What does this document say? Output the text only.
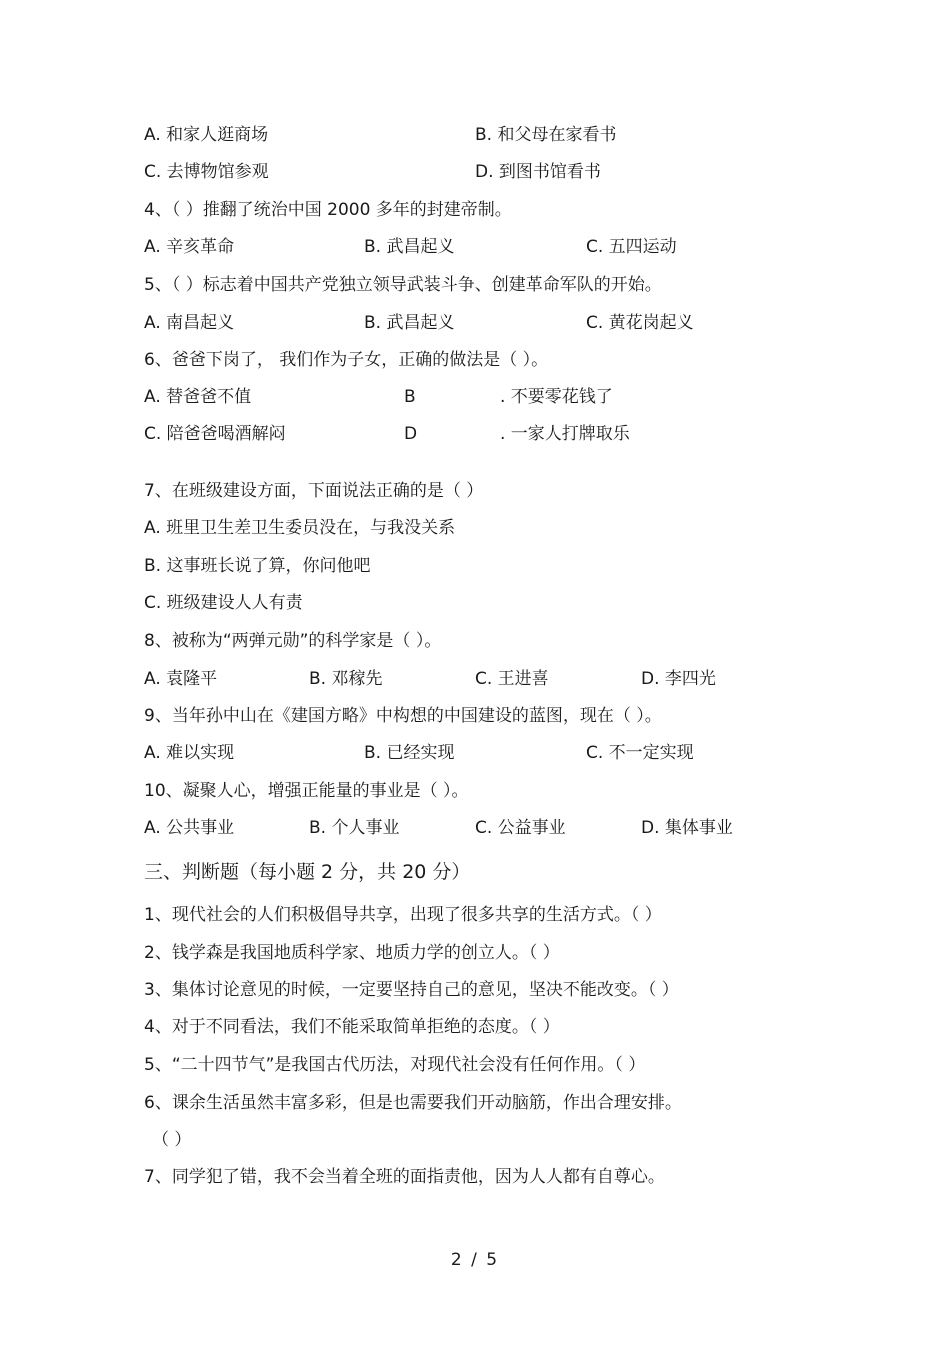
A. 和家人逛商场	B. 和父母在家看书
C. 去博物馆参观	D. 到图书馆看书
4、（ ）推翻了统治中国 2000 多年的封建帝制。
A. 辛亥革命	B. 武昌起义	C. 五四运动
5、（ ）标志着中国共产党独立领导武装斗争、创建革命军队的开始。
A. 南昌起义	B. 武昌起义	C. 黄花岗起义
6、爸爸下岗了， 我们作为子女，正确的做法是（ ）。
A. 替爸爸不值	B	. 不要零花钱了
C. 陪爸爸喝酒解闷	D	. 一家人打牌取乐
7、在班级建设方面，下面说法正确的是（ ）
A. 班里卫生差卫生委员没在，与我没关系
B. 这事班长说了算，你问他吧
C. 班级建设人人有责
8、被称为“两弹元勋”的科学家是（ ）。
A. 袁隆平	B. 邓稼先	C. 王进喜	D. 李四光
9、当年孙中山在《建国方略》中构想的中国建设的蓝图，现在（ ）。
A. 难以实现	B. 已经实现	C. 不一定实现
10、凝聚人心，增强正能量的事业是（ ）。
A. 公共事业	B. 个人事业	C. 公益事业	D. 集体事业
三、判断题（每小题 2 分，共 20 分）
1、现代社会的人们积极倡导共享，出现了很多共享的生活方式。（ ）
2、钱学森是我国地质科学家、地质力学的创立人。（ ）
3、集体讨论意见的时候，一定要坚持自己的意见，坚决不能改变。（ ）
4、对于不同看法，我们不能采取简单拒绝的态度。（ ）
5、“二十四节气”是我国古代历法，对现代社会没有任何作用。（ ）
6、课余生活虽然丰富多彩，但是也需要我们开动脑筋，作出合理安排。
（ ）
7、同学犯了错，我不会当着全班的面指责他，因为人人都有自尊心。
2 / 5
